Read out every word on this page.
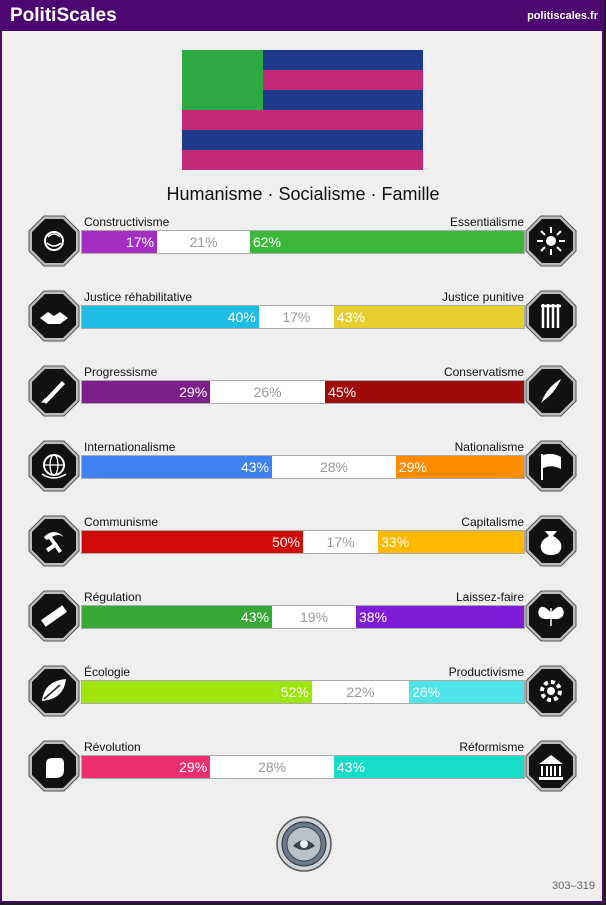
PolitiScales	politiscales.fr
Humanisme · Socialisme · Famille
Constructivisme	Essentialisme
17%	21%	62%
Justice réhabilitative	Justice punitive
40%	17%	43%
Progressisme	Conservatisme
29%	26%	45%
Internationalisme	Nationalisme
43%	28%	29%
Communisme	Capitalisme
50%	17%	33%
Régulation	Laissez-faire
43%	19%	38%
Écologie	Productivisme
52%	22%	26%
Révolution	Réformisme
29%	28%	43%
303–319
